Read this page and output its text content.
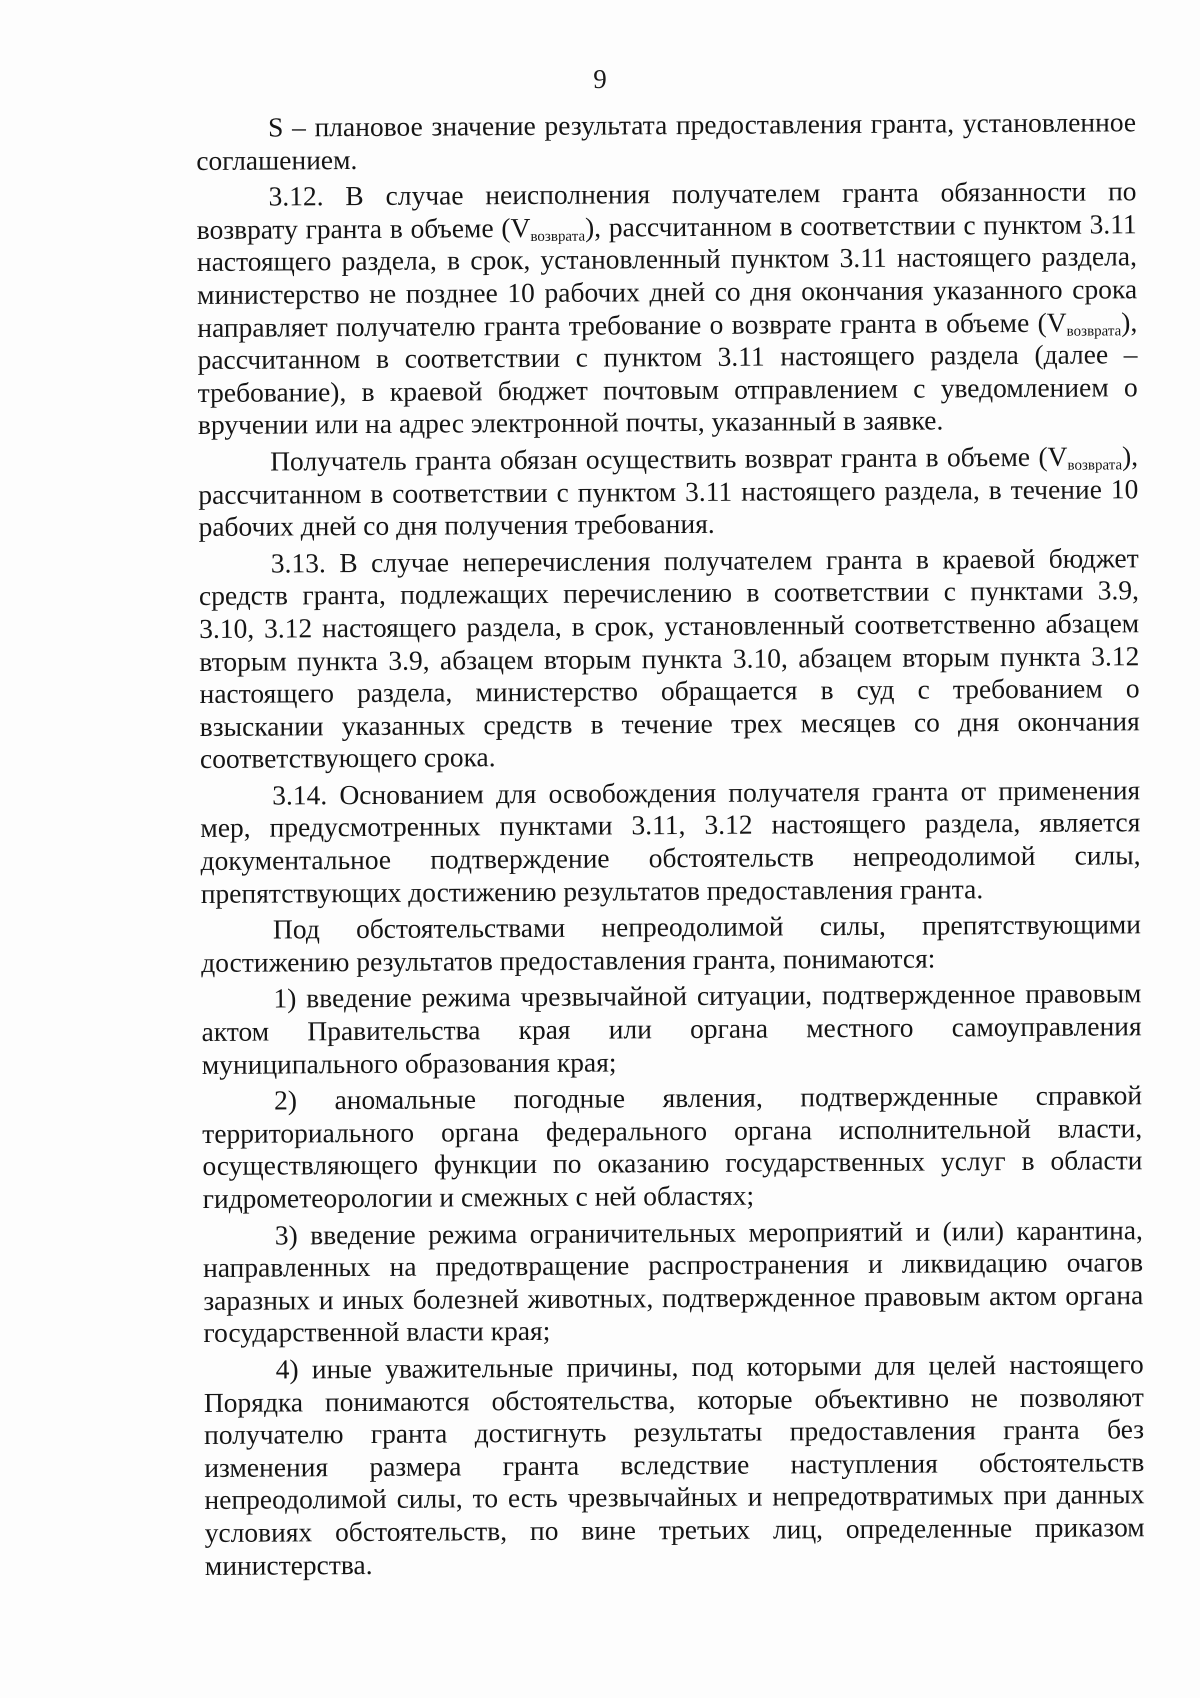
9

S – плановое значение результата предоставления гранта, установленное соглашением.

3.12. В случае неисполнения получателем гранта обязанности по возврату гранта в объеме $(V_{возврата})$, рассчитанном в соответствии с пунктом 3.11 настоящего раздела, в срок, установленный пунктом 3.11 настоящего раздела, министерство не позднее 10 рабочих дней со дня окончания указанного срока направляет получателю гранта требование о возврате гранта в объеме $(V_{возврата})$, рассчитанном в соответствии с пунктом 3.11 настоящего раздела (далее – требование), в краевой бюджет почтовым отправлением с уведомлением о вручении или на адрес электронной почты, указанный в заявке.

Получатель гранта обязан осуществить возврат гранта в объеме $(V_{возврата})$, рассчитанном в соответствии с пунктом 3.11 настоящего раздела, в течение 10 рабочих дней со дня получения требования.

3.13. В случае неперечисления получателем гранта в краевой бюджет средств гранта, подлежащих перечислению в соответствии с пунктами 3.9, 3.10, 3.12 настоящего раздела, в срок, установленный соответственно абзацем вторым пункта 3.9, абзацем вторым пункта 3.10, абзацем вторым пункта 3.12 настоящего раздела, министерство обращается в суд с требованием о взыскании указанных средств в течение трех месяцев со дня окончания соответствующего срока.

3.14. Основанием для освобождения получателя гранта от применения мер, предусмотренных пунктами 3.11, 3.12 настоящего раздела, является документальное подтверждение обстоятельств непреодолимой силы, препятствующих достижению результатов предоставления гранта.

Под обстоятельствами непреодолимой силы, препятствующими достижению результатов предоставления гранта, понимаются:

1) введение режима чрезвычайной ситуации, подтвержденное правовым актом Правительства края или органа местного самоуправления муниципального образования края;

2) аномальные погодные явления, подтвержденные справкой территориального органа федерального органа исполнительной власти, осуществляющего функции по оказанию государственных услуг в области гидрометеорологии и смежных с ней областях;

3) введение режима ограничительных мероприятий и (или) карантина, направленных на предотвращение распространения и ликвидацию очагов заразных и иных болезней животных, подтвержденное правовым актом органа государственной власти края;

4) иные уважительные причины, под которыми для целей настоящего Порядка понимаются обстоятельства, которые объективно не позволяют получателю гранта достигнуть результаты предоставления гранта без изменения размера гранта вследствие наступления обстоятельств непреодолимой силы, то есть чрезвычайных и непредотвратимых при данных условиях обстоятельств, по вине третьих лиц, определенные приказом министерства.
